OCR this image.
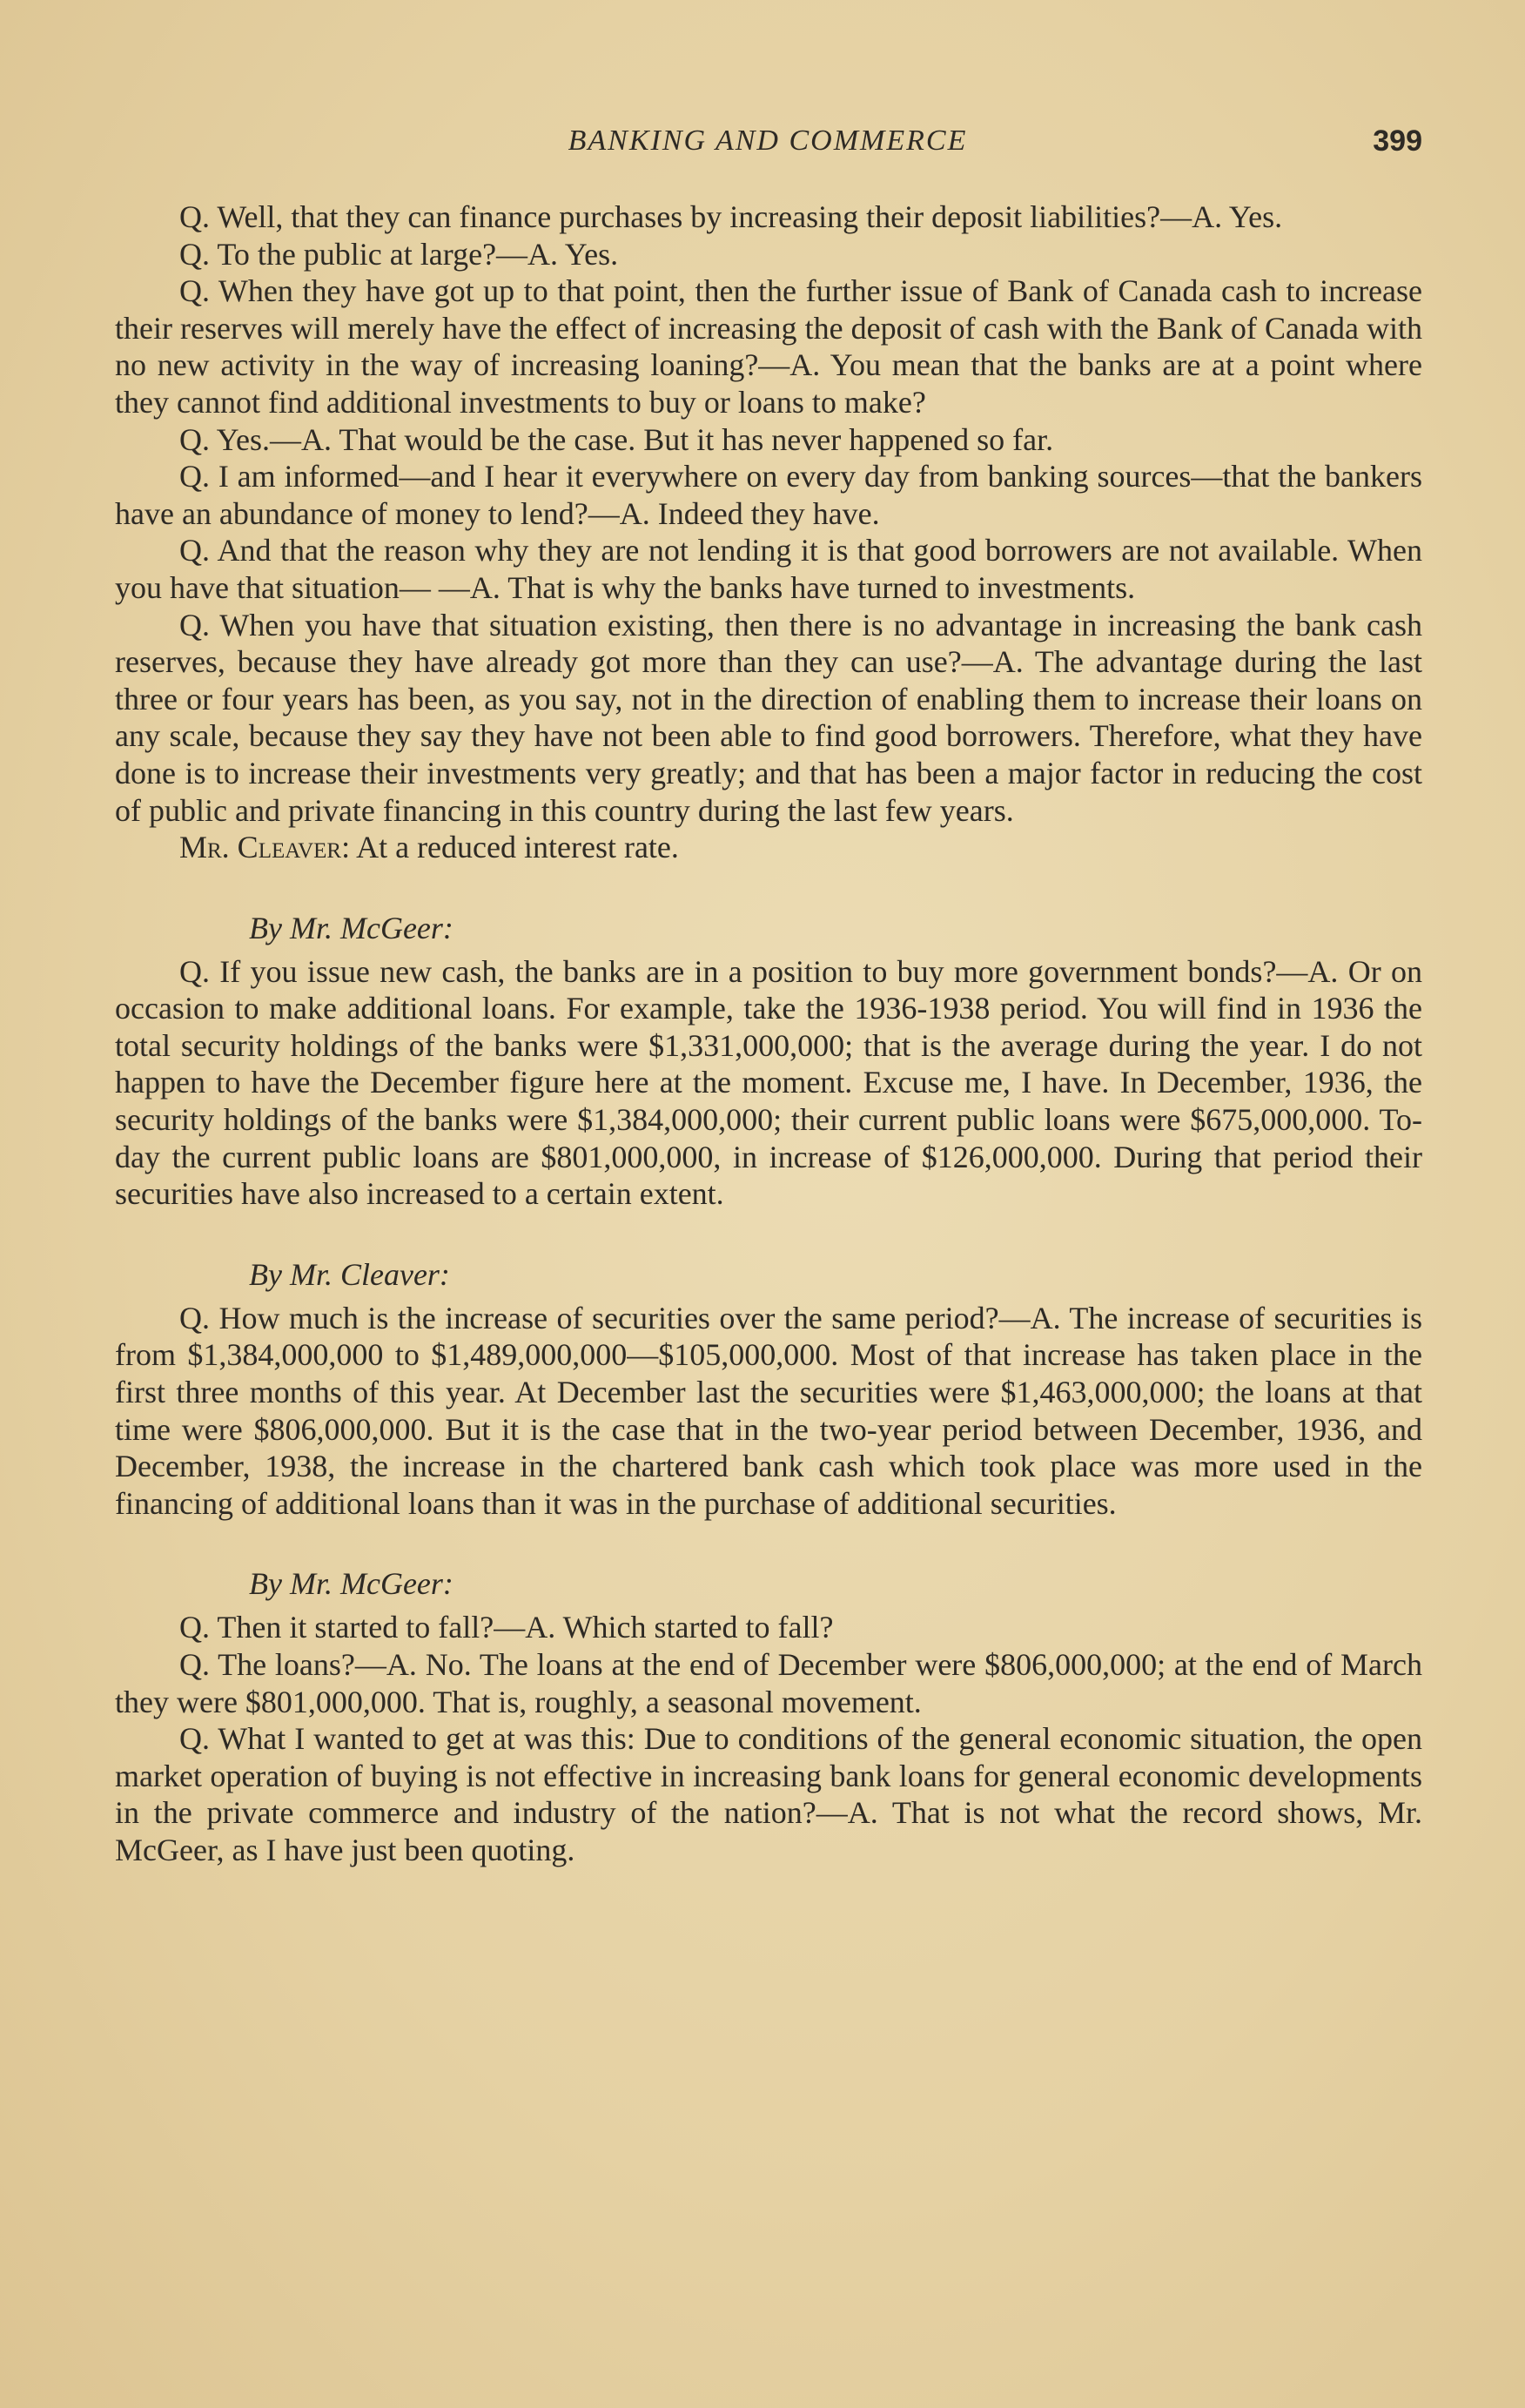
BANKING AND COMMERCE	399

Q. Well, that they can finance purchases by increasing their deposit liabilities?—A. Yes.

Q. To the public at large?—A. Yes.

Q. When they have got up to that point, then the further issue of Bank of Canada cash to increase their reserves will merely have the effect of increasing the deposit of cash with the Bank of Canada with no new activity in the way of increasing loaning?—A. You mean that the banks are at a point where they cannot find additional investments to buy or loans to make?

Q. Yes.—A. That would be the case. But it has never happened so far.

Q. I am informed—and I hear it everywhere on every day from banking sources—that the bankers have an abundance of money to lend?—A. Indeed they have.

Q. And that the reason why they are not lending it is that good borrowers are not available. When you have that situation— —A. That is why the banks have turned to investments.

Q. When you have that situation existing, then there is no advantage in increasing the bank cash reserves, because they have already got more than they can use?—A. The advantage during the last three or four years has been, as you say, not in the direction of enabling them to increase their loans on any scale, because they say they have not been able to find good borrowers. Therefore, what they have done is to increase their investments very greatly; and that has been a major factor in reducing the cost of public and private financing in this country during the last few years.

Mr. Cleaver: At a reduced interest rate.

By Mr. McGeer:

Q. If you issue new cash, the banks are in a position to buy more government bonds?—A. Or on occasion to make additional loans. For example, take the 1936-1938 period. You will find in 1936 the total security holdings of the banks were $1,331,000,000; that is the average during the year. I do not happen to have the December figure here at the moment. Excuse me, I have. In December, 1936, the security holdings of the banks were $1,384,000,000; their current public loans were $675,000,000. To-day the current public loans are $801,000,000, in increase of $126,000,000. During that period their securities have also increased to a certain extent.

By Mr. Cleaver:

Q. How much is the increase of securities over the same period?—A. The increase of securities is from $1,384,000,000 to $1,489,000,000—$105,000,000. Most of that increase has taken place in the first three months of this year. At December last the securities were $1,463,000,000; the loans at that time were $806,000,000. But it is the case that in the two-year period between December, 1936, and December, 1938, the increase in the chartered bank cash which took place was more used in the financing of additional loans than it was in the purchase of additional securities.

By Mr. McGeer:

Q. Then it started to fall?—A. Which started to fall?

Q. The loans?—A. No. The loans at the end of December were $806,000,000; at the end of March they were $801,000,000. That is, roughly, a seasonal movement.

Q. What I wanted to get at was this: Due to conditions of the general economic situation, the open market operation of buying is not effective in increasing bank loans for general economic developments in the private commerce and industry of the nation?—A. That is not what the record shows, Mr. McGeer, as I have just been quoting.
